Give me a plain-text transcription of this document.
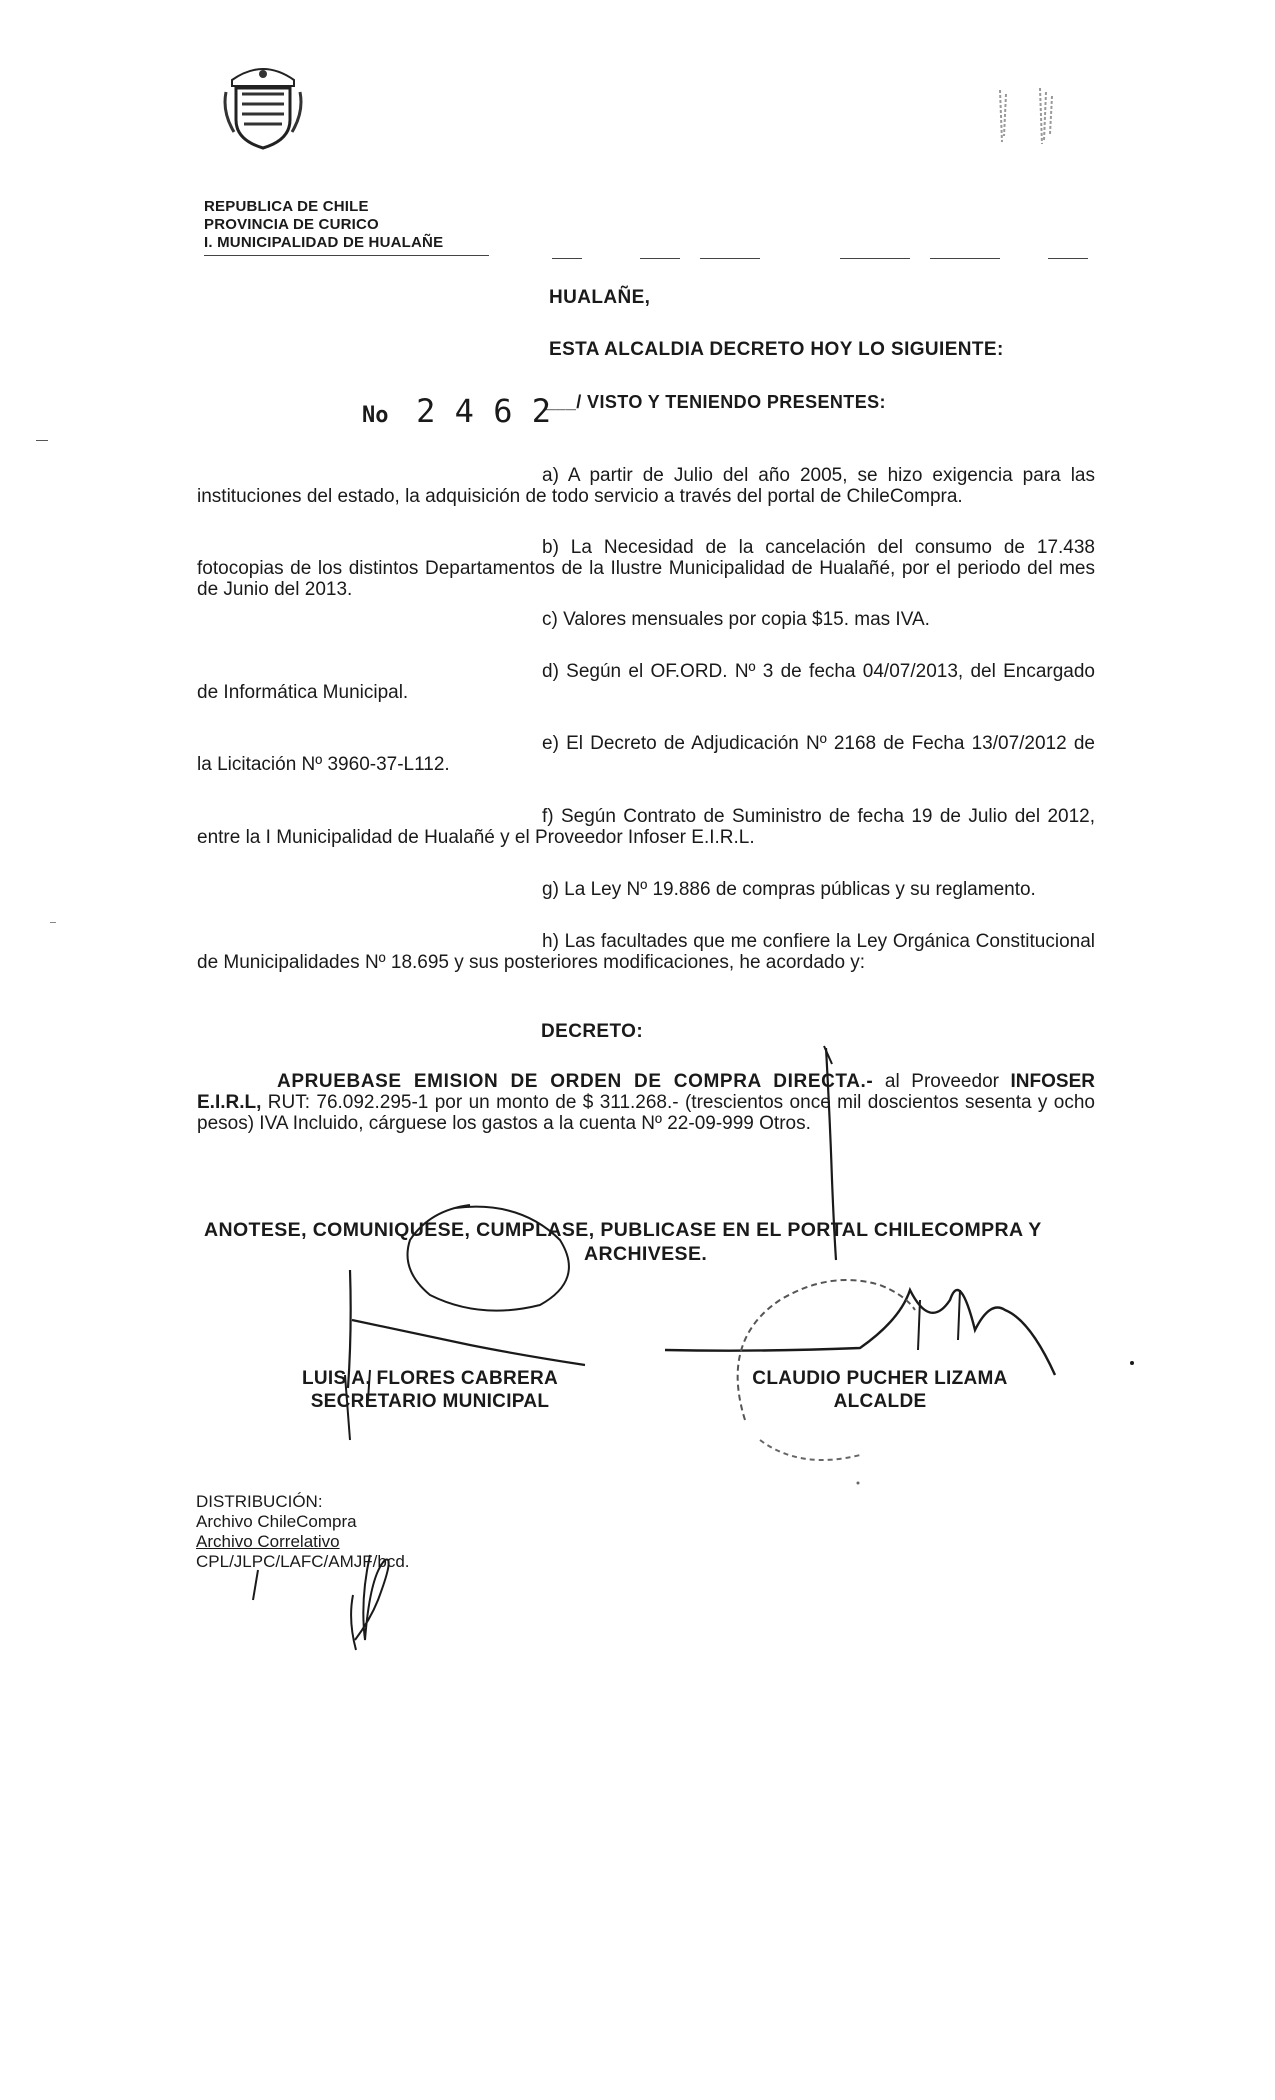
REPUBLICA DE CHILE
PROVINCIA DE CURICO
I. MUNICIPALIDAD DE HUALAÑE
HUALAÑE,
ESTA ALCALDIA DECRETO HOY LO SIGUIENTE:
No 2 4 6 2
___/ VISTO Y TENIENDO PRESENTES:
a) A partir de Julio del año 2005, se hizo exigencia para las instituciones del estado, la adquisición de todo servicio a través del portal de ChileCompra.
b) La Necesidad de la cancelación del consumo de 17.438 fotocopias de los distintos Departamentos de la Ilustre Municipalidad de Hualañé, por el periodo del mes de Junio del 2013.
c) Valores mensuales por copia $15. mas IVA.
d) Según el OF.ORD. Nº 3 de fecha 04/07/2013, del Encargado de Informática Municipal.
e) El Decreto de Adjudicación Nº 2168 de Fecha 13/07/2012 de la Licitación Nº 3960-37-L112.
f) Según Contrato de Suministro de fecha 19 de Julio del 2012, entre la I Municipalidad de Hualañé y el Proveedor Infoser E.I.R.L.
g) La Ley Nº 19.886 de compras públicas y su reglamento.
h) Las facultades que me confiere la Ley Orgánica Constitucional de Municipalidades Nº 18.695 y sus posteriores modificaciones, he acordado y:
DECRETO:
APRUEBASE EMISION DE ORDEN DE COMPRA DIRECTA.- al Proveedor INFOSER E.I.R.L, RUT: 76.092.295-1 por un monto de $ 311.268.- (trescientos once mil doscientos sesenta y ocho pesos) IVA Incluido, cárguese los gastos a la cuenta Nº 22-09-999 Otros.
ANOTESE, COMUNIQUESE, CUMPLASE, PUBLICASE EN EL PORTAL CHILECOMPRA Y
ARCHIVESE.
LUIS A. FLORES CABRERA
SECRETARIO MUNICIPAL
CLAUDIO PUCHER LIZAMA
ALCALDE
DISTRIBUCIÓN:
Archivo ChileCompra
Archivo Correlativo
CPL/JLPC/LAFC/AMJF/bcd.
